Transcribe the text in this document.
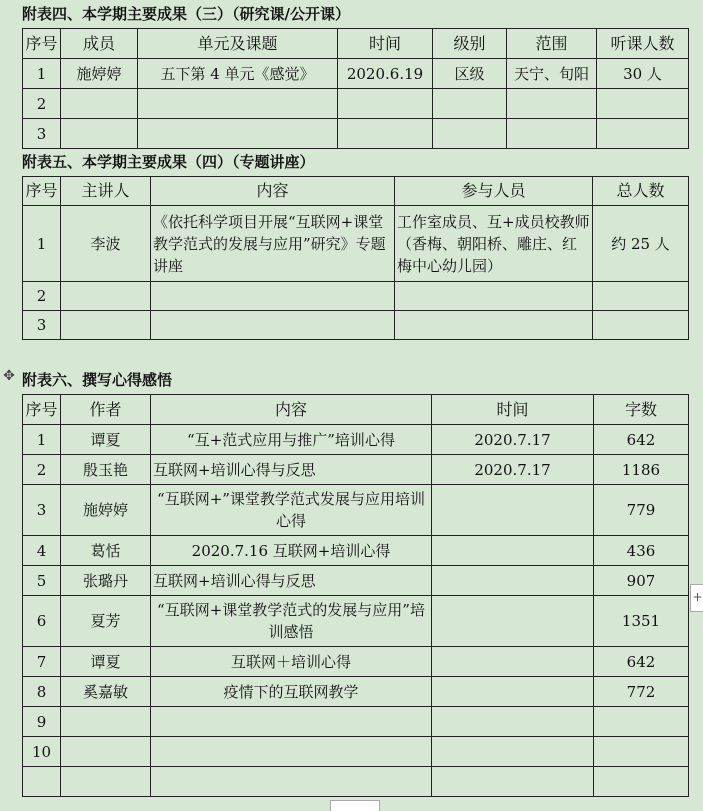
附表四、本学期主要成果（三）（研究课/公开课）
序号	成员	单元及课题	时间	级别	范围	听课人数
1	施婷婷	五下第 4 单元《感觉》	2020.6.19	区级	天宁、旬阳	30 人
2						
3						
附表五、本学期主要成果（四）（专题讲座）
序号	主讲人	内容	参与人员	总人数
1	李波	《依托科学项目开展“互联网+课堂教学范式的发展与应用”研究》专题讲座	工作室成员、互+成员校教师（香梅、朝阳桥、雕庄、红梅中心幼儿园）	约 25 人
2				
3				
✥ 附表六、撰写心得感悟
序号	作者	内容	时间	字数
1	谭夏	“互+范式应用与推广”培训心得	2020.7.17	642
2	殷玉艳	互联网+培训心得与反思	2020.7.17	1186
3	施婷婷	“互联网+”课堂教学范式发展与应用培训心得		779
4	葛恬	2020.7.16 互联网+培训心得		436
5	张璐丹	互联网+培训心得与反思		907
6	夏芳	“互联网+课堂教学范式的发展与应用”培训感悟		1351
7	谭夏	互联网＋培训心得		642
8	奚嘉敏	疫情下的互联网教学		772
9				
10				

+
